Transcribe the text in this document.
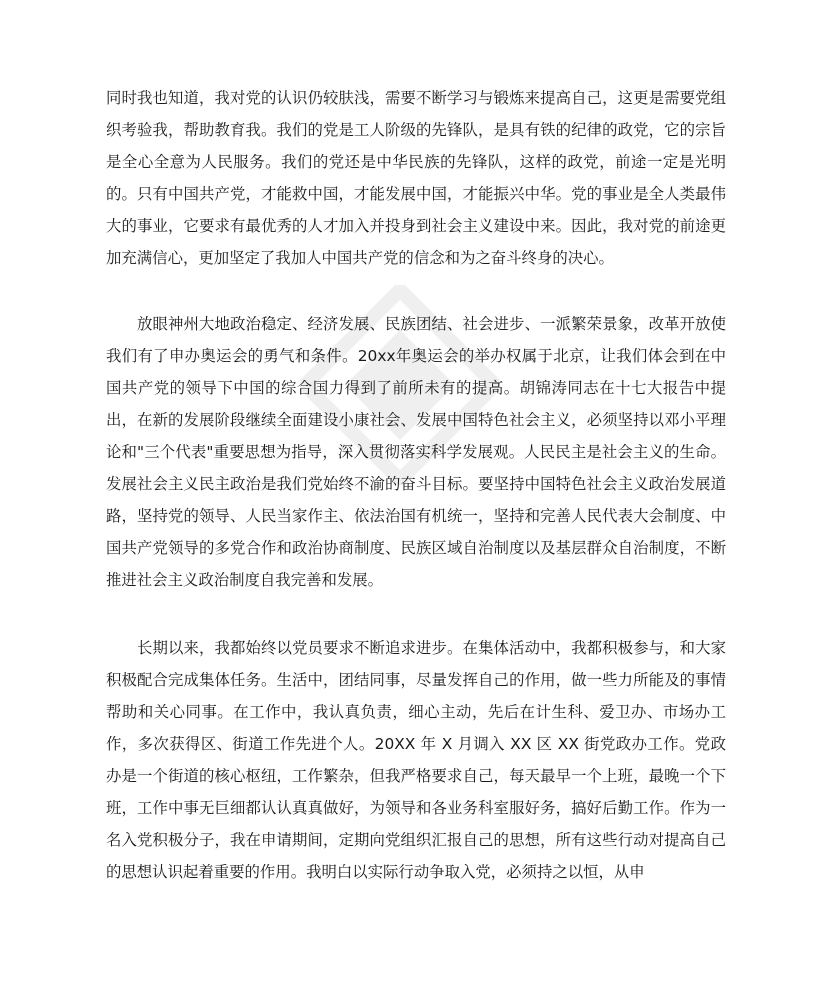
同时我也知道，我对党的认识仍较肤浅，需要不断学习与锻炼来提高自己，这更是需要党组织考验我，帮助教育我。我们的党是工人阶级的先锋队，是具有铁的纪律的政党，它的宗旨是全心全意为人民服务。我们的党还是中华民族的先锋队，这样的政党，前途一定是光明的。只有中国共产党，才能救中国，才能发展中国，才能振兴中华。党的事业是全人类最伟大的事业，它要求有最优秀的人才加入并投身到社会主义建设中来。因此，我对党的前途更加充满信心，更加坚定了我加人中国共产党的信念和为之奋斗终身的决心。

放眼神州大地政治稳定、经济发展、民族团结、社会进步、一派繁荣景象，改革开放使我们有了申办奥运会的勇气和条件。20xx年奥运会的举办权属于北京，让我们体会到在中国共产党的领导下中国的综合国力得到了前所未有的提高。胡锦涛同志在十七大报告中提出，在新的发展阶段继续全面建设小康社会、发展中国特色社会主义，必须坚持以邓小平理论和"三个代表"重要思想为指导，深入贯彻落实科学发展观。人民民主是社会主义的生命。发展社会主义民主政治是我们党始终不渝的奋斗目标。要坚持中国特色社会主义政治发展道路，坚持党的领导、人民当家作主、依法治国有机统一，坚持和完善人民代表大会制度、中国共产党领导的多党合作和政治协商制度、民族区域自治制度以及基层群众自治制度，不断推进社会主义政治制度自我完善和发展。

长期以来，我都始终以党员要求不断追求进步。在集体活动中，我都积极参与，和大家积极配合完成集体任务。生活中，团结同事，尽量发挥自己的作用，做一些力所能及的事情帮助和关心同事。在工作中，我认真负责，细心主动，先后在计生科、爱卫办、市场办工作，多次获得区、街道工作先进个人。20XX 年 X 月调入 XX 区 XX 街党政办工作。党政办是一个街道的核心枢纽，工作繁杂，但我严格要求自己，每天最早一个上班，最晚一个下班，工作中事无巨细都认认真真做好，为领导和各业务科室服好务，搞好后勤工作。作为一名入党积极分子，我在申请期间，定期向党组织汇报自己的思想，所有这些行动对提高自己的思想认识起着重要的作用。我明白以实际行动争取入党，必须持之以恒，从申
